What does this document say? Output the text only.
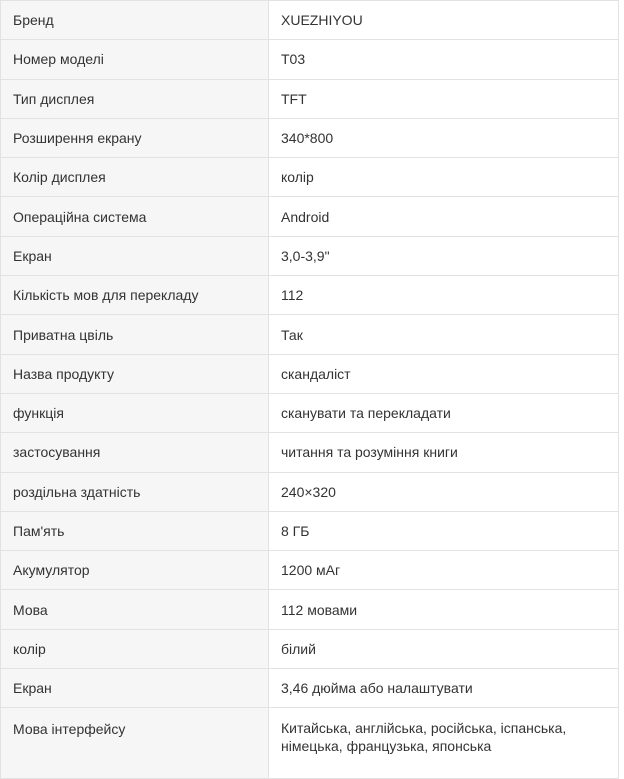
Бренд	XUEZHIYOU
Номер моделі	T03
Тип дисплея	TFT
Розширення екрану	340*800
Колір дисплея	колір
Операційна система	Android
Екран	3,0-3,9"
Кількість мов для перекладу	112
Приватна цвіль	Так
Назва продукту	скандаліст
функція	сканувати та перекладати
застосування	читання та розуміння книги
роздільна здатність	240×320
Пам'ять	8 ГБ
Акумулятор	1200 мАг
Мова	112 мовами
колір	білий
Екран	3,46 дюйма або налаштувати
Мова інтерфейсу	Китайська, англійська, російська, іспанська, німецька, французька, японська
